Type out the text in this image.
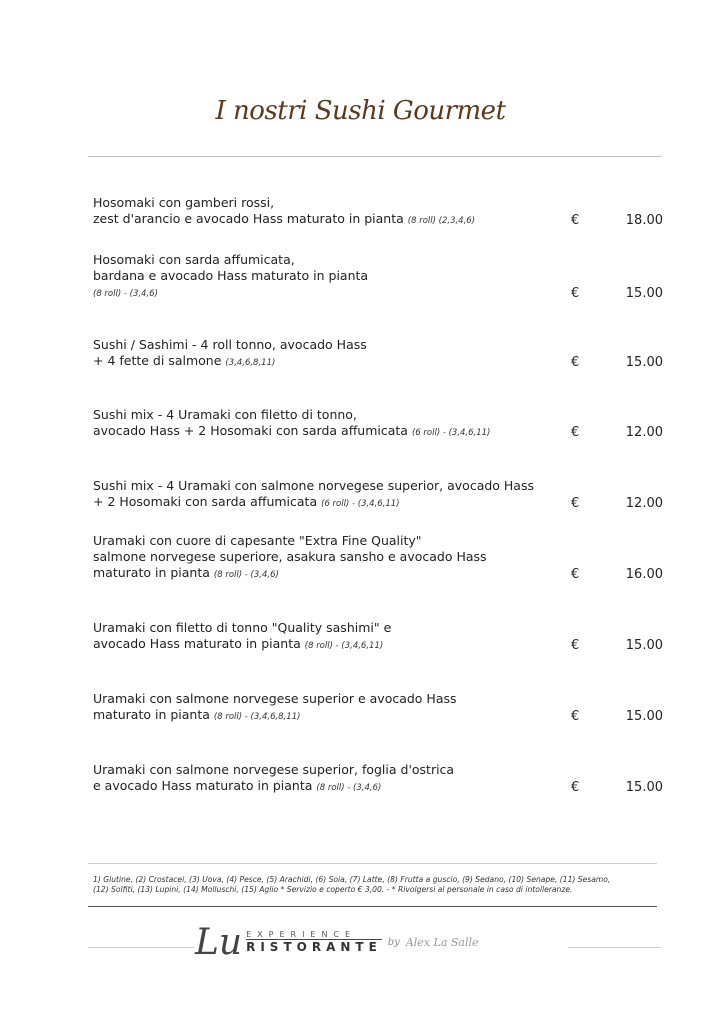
I nostri Sushi Gourmet
Hosomaki con gamberi rossi,
zest d'arancio e avocado Hass maturato in pianta (8 roll) (2,3,4,6)	€	18.00
Hosomaki con sarda affumicata,
bardana e avocado Hass maturato in pianta
(8 roll) - (3,4,6)	€	15.00
Sushi / Sashimi - 4 roll tonno, avocado Hass
+ 4 fette di salmone (3,4,6,8,11)	€	15.00
Sushi mix - 4 Uramaki con filetto di tonno,
avocado Hass + 2 Hosomaki con sarda affumicata (6 roll) - (3,4,6,11)	€	12.00
Sushi mix - 4 Uramaki con salmone norvegese superior, avocado Hass
+ 2 Hosomaki con sarda affumicata (6 roll) - (3,4,6,11)	€	12.00
Uramaki con cuore di capesante "Extra Fine Quality"
salmone norvegese superiore, asakura sansho e avocado Hass
maturato in pianta (8 roll) - (3,4,6)	€	16.00
Uramaki con filetto di tonno "Quality sashimi" e
avocado Hass maturato in pianta (8 roll) - (3,4,6,11)	€	15.00
Uramaki con salmone norvegese superior e avocado Hass
maturato in pianta (8 roll) - (3,4,6,8,11)	€	15.00
Uramaki con salmone norvegese superior, foglia d'ostrica
e avocado Hass maturato in pianta (8 roll) - (3,4,6)	€	15.00
1) Glutine, (2) Crostacei, (3) Uova, (4) Pesce, (5) Arachidi, (6) Soia, (7) Latte, (8) Frutta a guscio, (9) Sedano, (10) Senape, (11) Sesamo,
(12) Solfiti, (13) Lupini, (14) Molluschi, (15) Aglio * Servizio e coperto € 3,00. - * Rivolgersi al personale in caso di intolleranze.
Lu EXPERIENCE
RISTORANTE by Alex La Salle
